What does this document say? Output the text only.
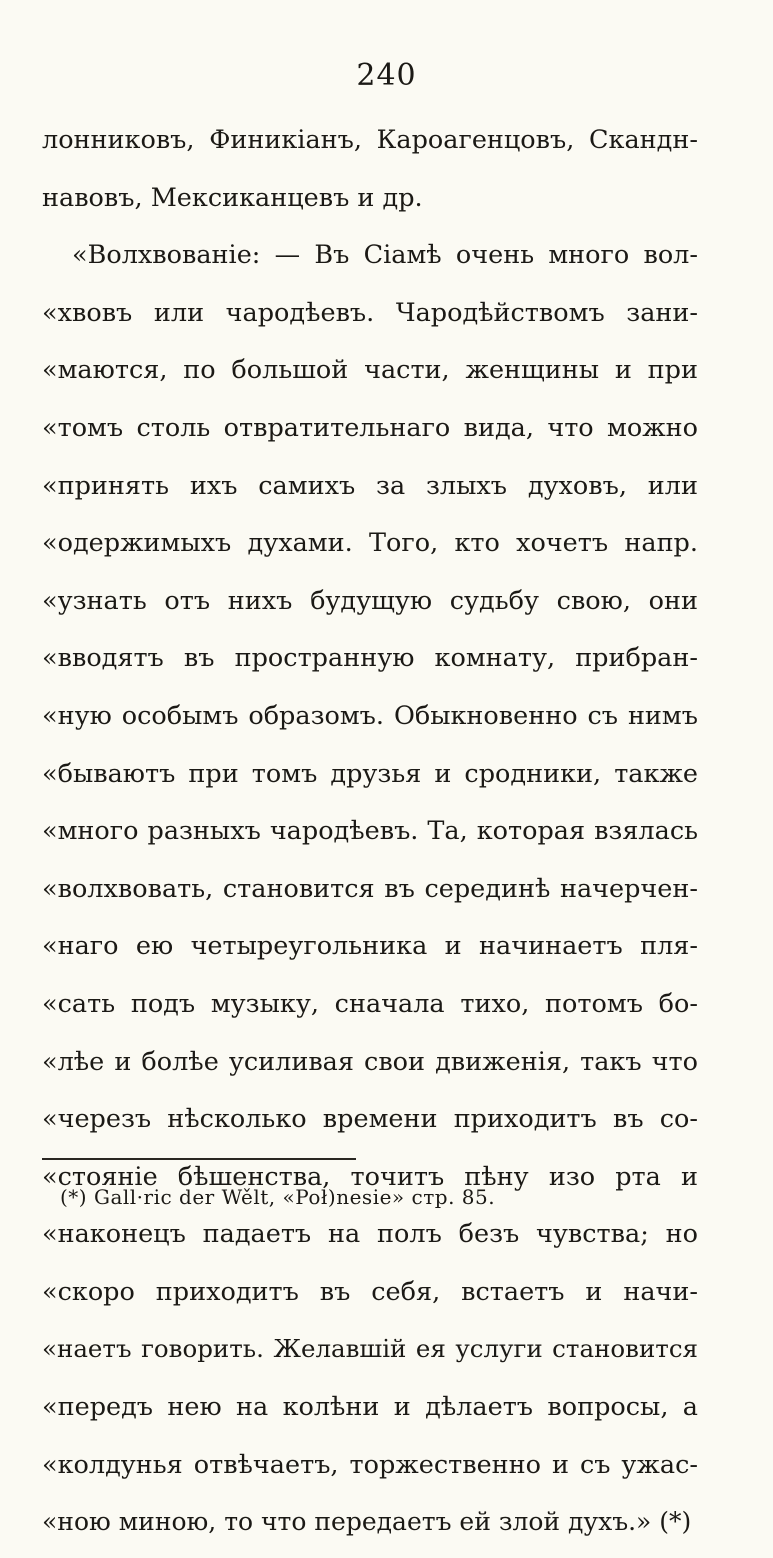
240
лонниковъ, Финикіанъ, Кароагенцовъ, Скандн-
навовъ, Мексиканцевъ и др.
«Волхвованіе: — Въ Сіамѣ очень много вол-
«хвовъ или чародѣевъ. Чародѣйствомъ зани-
«маются, по большой части, женщины и при
«томъ столь отвратительнаго вида, что можно
«принять ихъ самихъ за злыхъ духовъ, или
«одержимыхъ духами. Того, кто хочетъ напр.
«узнать отъ нихъ будущую судьбу свою, они
«вводятъ въ пространную комнату, прибран-
«ную особымъ образомъ. Обыкновенно съ нимъ
«бываютъ при томъ друзья и сродники, также
«много разныхъ чародѣевъ. Та, которая взялась
«волхвовать, становится въ серединѣ начерчен-
«наго ею четыреугольника и начинаетъ пля-
«сать подъ музыку, сначала тихо, потомъ бо-
«лѣе и болѣе усиливая свои движенія, такъ что
«черезъ нѣсколько времени приходитъ въ со-
«стояніе бѣшенства, точитъ пѣну изо рта и
«наконецъ падаетъ на полъ безъ чувства; но
«скоро приходитъ въ себя, встаетъ и начи-
«наетъ говорить. Желавшій ея услуги становится
«передъ нею на колѣни и дѣлаетъ вопросы, а
«колдунья отвѣчаетъ, торжественно и съ ужас-
«ною миною, то что передаетъ ей злой духъ.» (*)
(*) Gall·ric der Wělt, «Poł)nesie» стр. 85.
